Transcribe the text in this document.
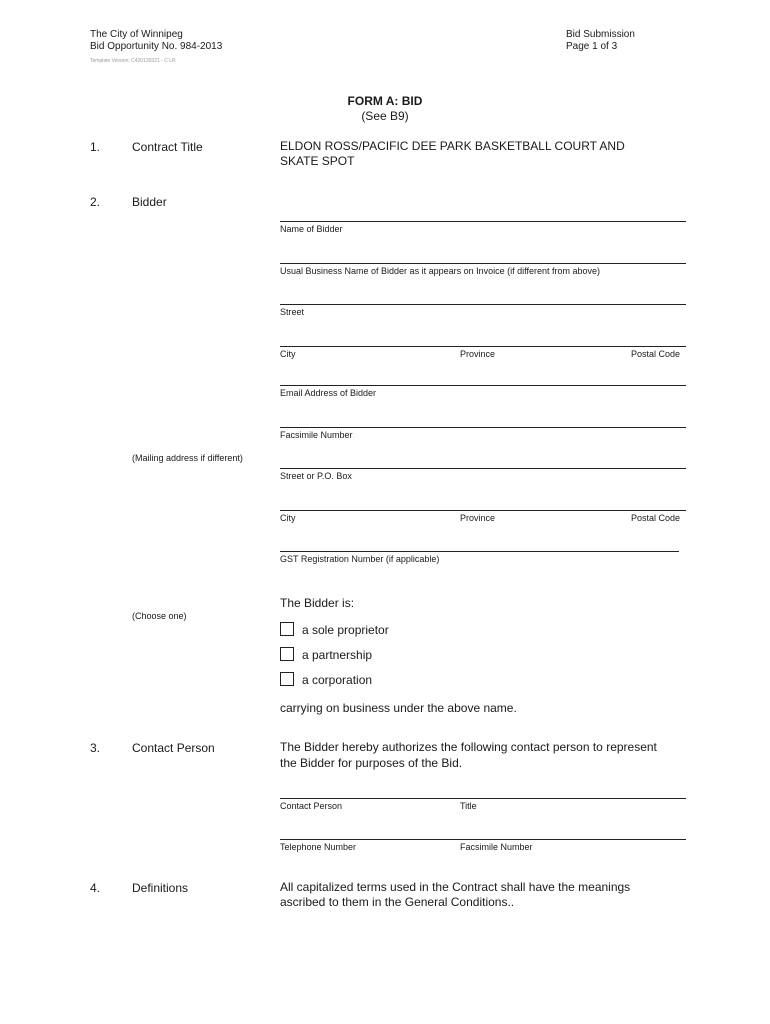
The City of Winnipeg
Bid Opportunity No. 984-2013
Template Version: C420130321 - C LR
Bid Submission
Page 1 of 3
FORM A: BID
(See B9)
1.	Contract Title	ELDON ROSS/PACIFIC DEE PARK BASKETBALL COURT AND
SKATE SPOT
2.	Bidder
Name of Bidder
Usual Business Name of Bidder as it appears on Invoice (if different from above)
Street
City	Province	Postal Code
Email Address of Bidder
Facsimile Number
(Mailing address if different)
Street or P.O. Box
City	Province	Postal Code
GST Registration Number (if applicable)
The Bidder is:
(Choose one)
a sole proprietor
a partnership
a corporation
carrying on business under the above name.
3.	Contact Person	The Bidder hereby authorizes the following contact person to represent
the Bidder for purposes of the Bid.
Contact Person	Title
Telephone Number	Facsimile Number
4.	Definitions	All capitalized terms used in the Contract shall have the meanings
ascribed to them in the General Conditions..
